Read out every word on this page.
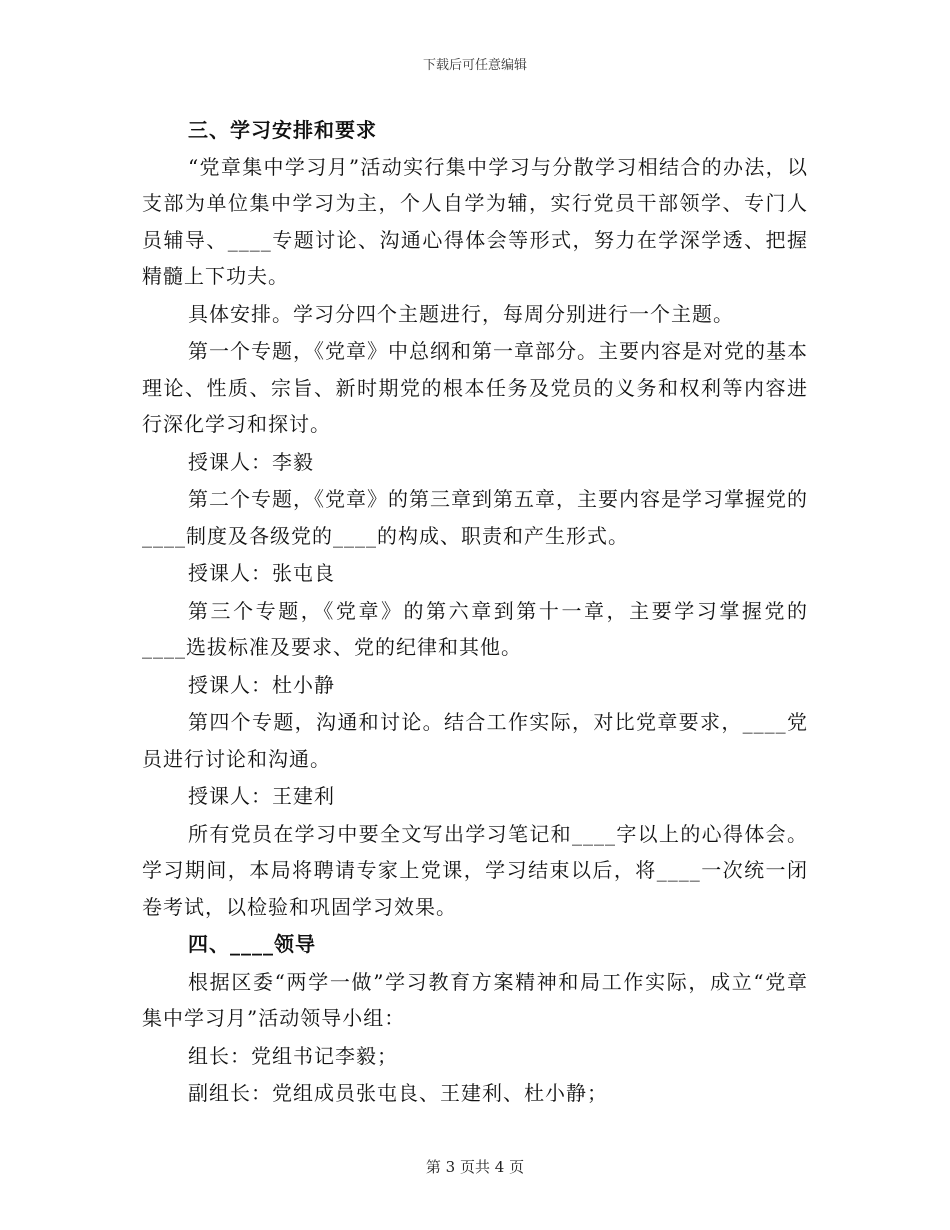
下载后可任意编辑

三、学习安排和要求

“党章集中学习月”活动实行集中学习与分散学习相结合的办法，以支部为单位集中学习为主，个人自学为辅，实行党员干部领学、专门人员辅导、____专题讨论、沟通心得体会等形式，努力在学深学透、把握精髓上下功夫。

具体安排。学习分四个主题进行，每周分别进行一个主题。

第一个专题，《党章》中总纲和第一章部分。主要内容是对党的基本理论、性质、宗旨、新时期党的根本任务及党员的义务和权利等内容进行深化学习和探讨。

授课人：李毅

第二个专题，《党章》的第三章到第五章，主要内容是学习掌握党的____制度及各级党的____的构成、职责和产生形式。

授课人：张屯良

第三个专题，《党章》的第六章到第十一章，主要学习掌握党的____选拔标准及要求、党的纪律和其他。

授课人：杜小静

第四个专题，沟通和讨论。结合工作实际，对比党章要求，____党员进行讨论和沟通。

授课人：王建利

所有党员在学习中要全文写出学习笔记和____字以上的心得体会。学习期间，本局将聘请专家上党课，学习结束以后，将____一次统一闭卷考试，以检验和巩固学习效果。

四、____领导

根据区委“两学一做”学习教育方案精神和局工作实际，成立“党章集中学习月”活动领导小组：

组长：党组书记李毅；

副组长：党组成员张屯良、王建利、杜小静；

第 3 页共 4 页
